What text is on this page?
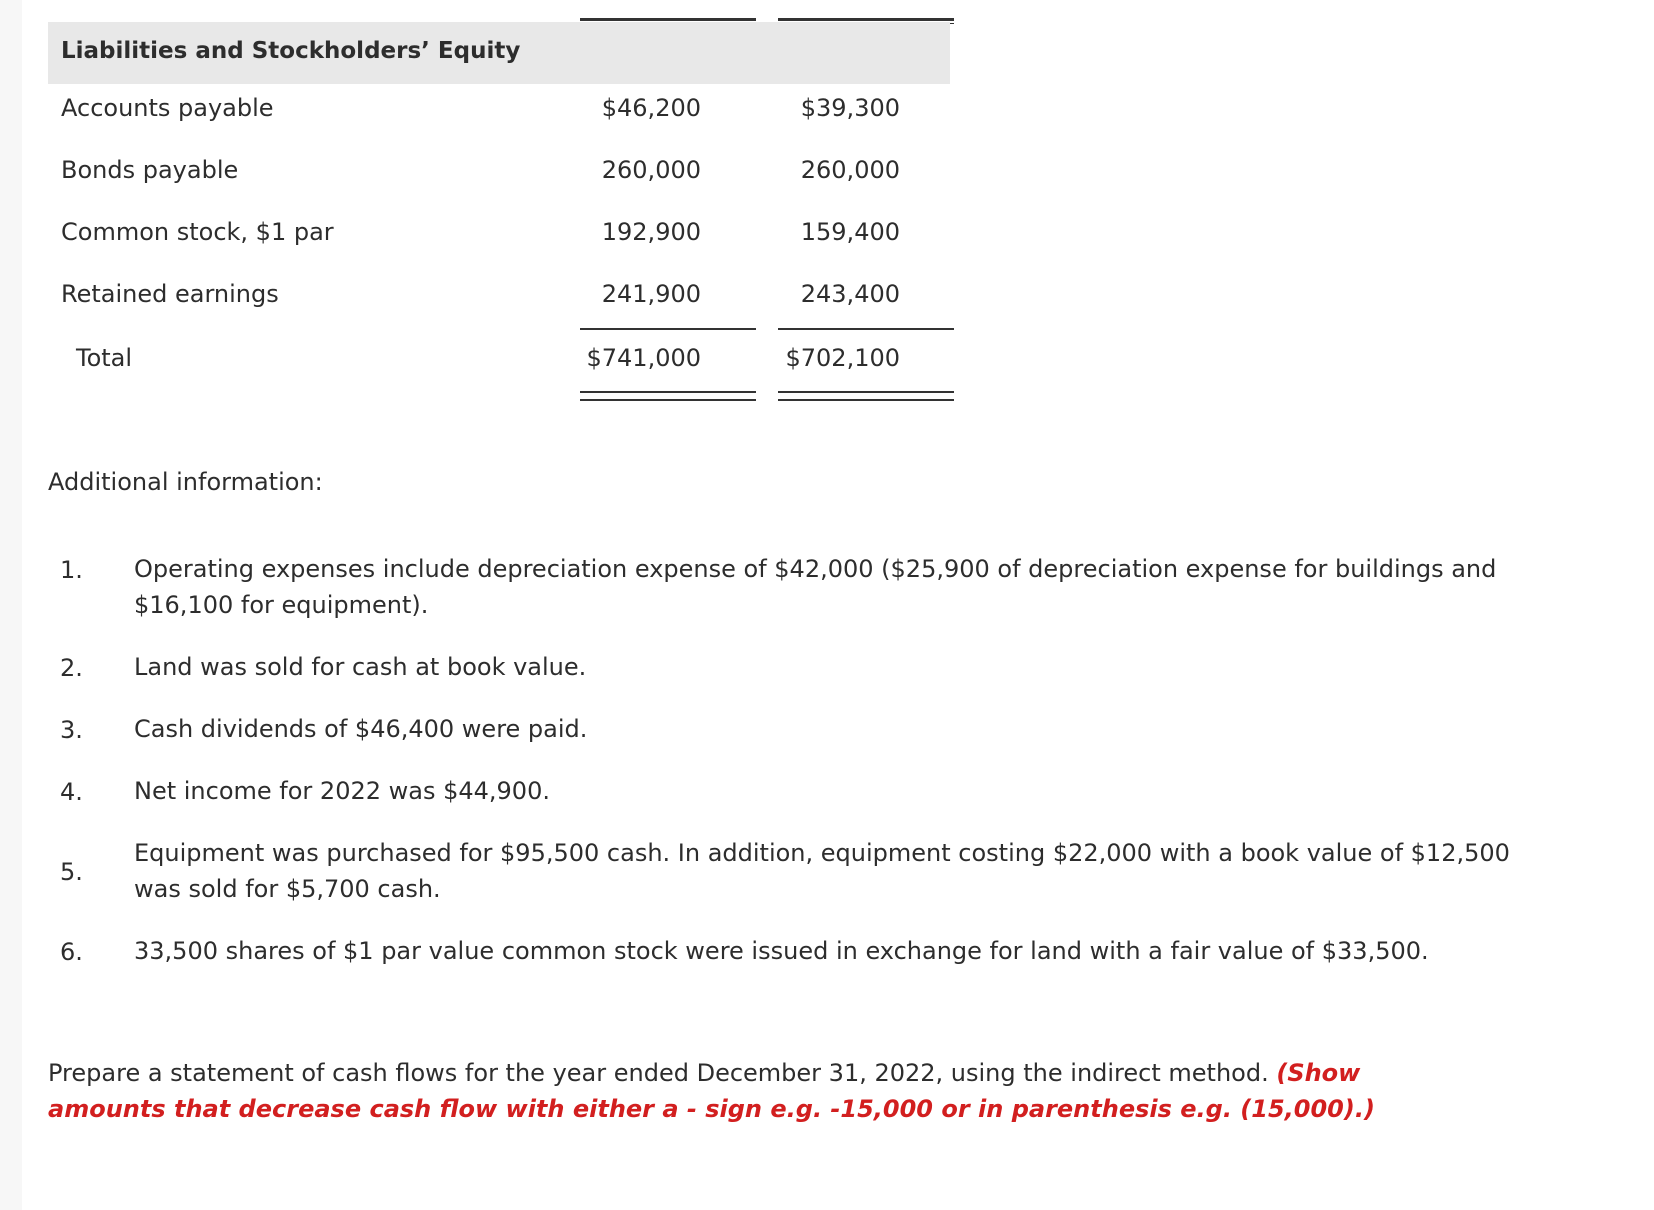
Liabilities and Stockholders’ Equity
Accounts payable	$46,200	$39,300
Bonds payable	260,000	260,000
Common stock, $1 par	192,900	159,400
Retained earnings	241,900	243,400
Total	$741,000	$702,100
Additional information:
1. Operating expenses include depreciation expense of $42,000 ($25,900 of depreciation expense for buildings and $16,100 for equipment).
2. Land was sold for cash at book value.
3. Cash dividends of $46,400 were paid.
4. Net income for 2022 was $44,900.
5.
Equipment was purchased for $95,500 cash. In addition, equipment costing $22,000 with a book value of $12,500 was sold for $5,700 cash.
6. 33,500 shares of $1 par value common stock were issued in exchange for land with a fair value of $33,500.
Prepare a statement of cash flows for the year ended December 31, 2022, using the indirect method. (Show amounts that decrease cash flow with either a - sign e.g. -15,000 or in parenthesis e.g. (15,000).)
